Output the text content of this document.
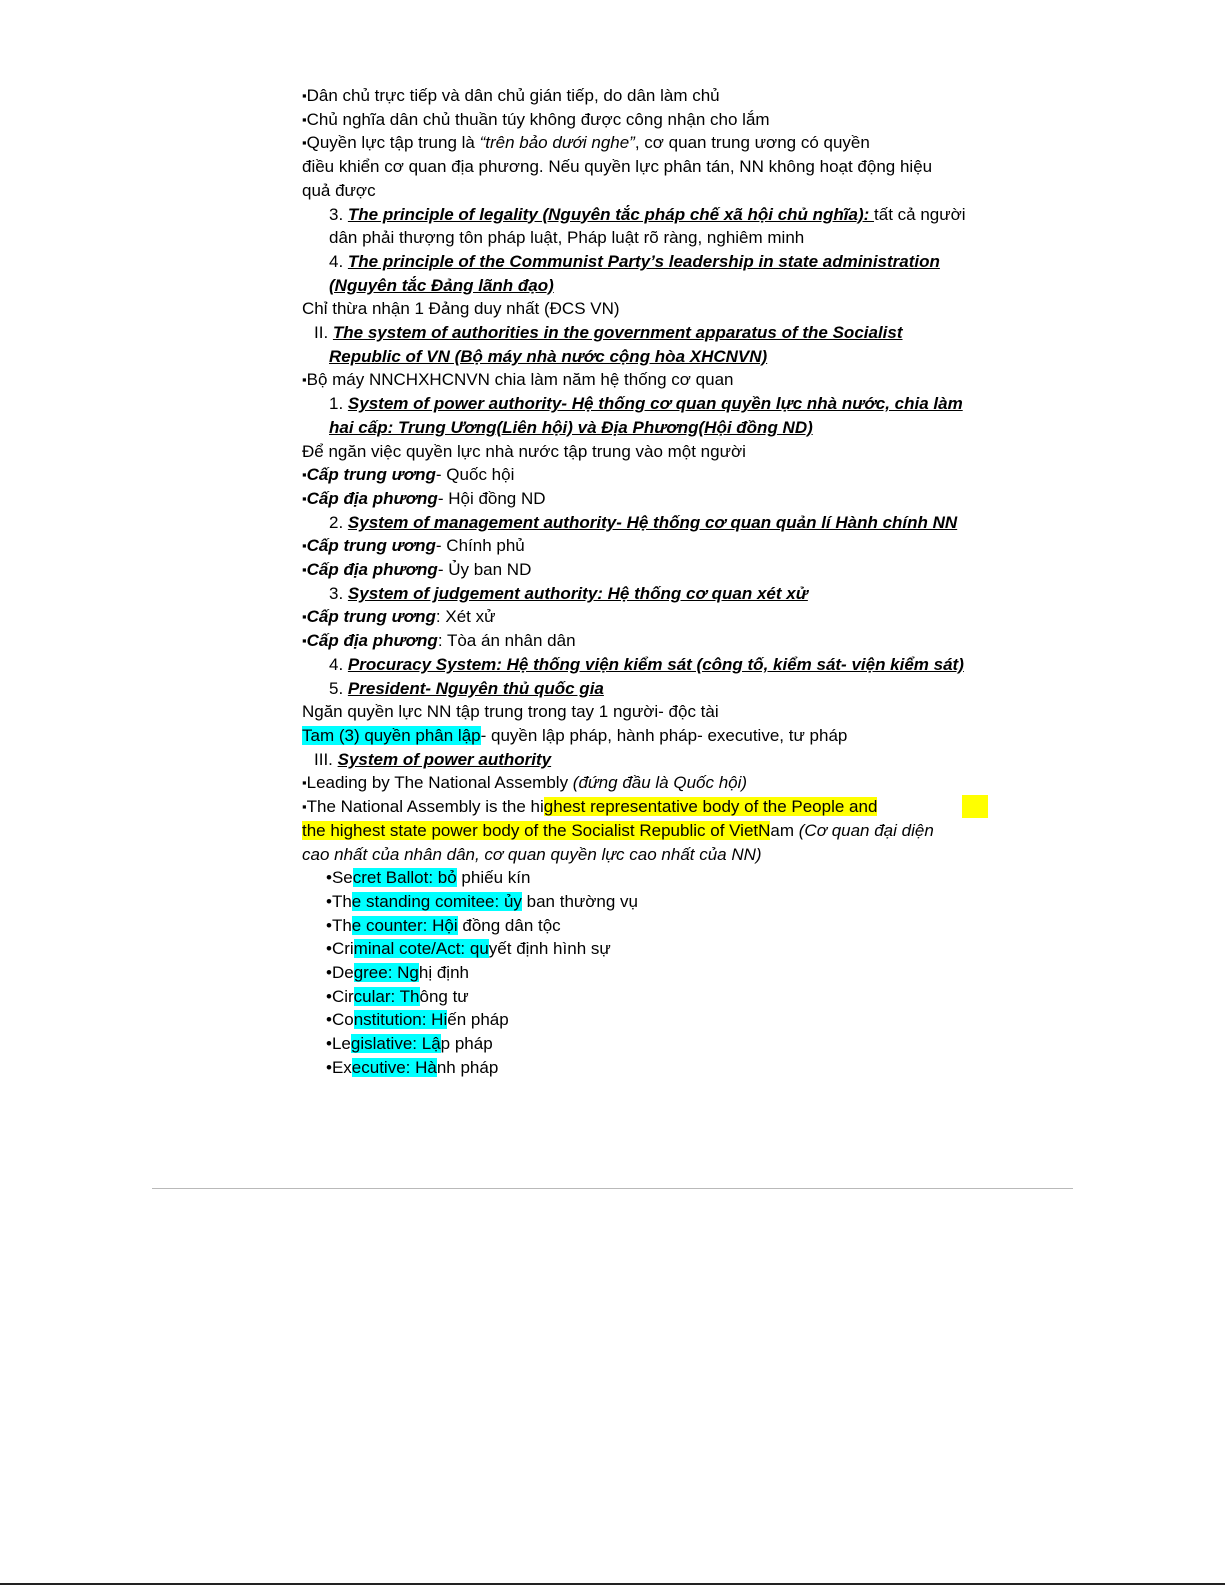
▪Dân chủ trực tiếp và dân chủ gián tiếp, do dân làm chủ
▪Chủ nghĩa dân chủ thuần túy không được công nhận cho lắm
▪Quyền lực tập trung là “trên bảo dưới nghe”, cơ quan trung ương có quyền
điều khiển cơ quan địa phương. Nếu quyền lực phân tán, NN không hoạt động hiệu
quả được
3. The principle of legality (Nguyên tắc pháp chế xã hội chủ nghĩa): tất cả người
dân phải thượng tôn pháp luật, Pháp luật rõ ràng, nghiêm minh
4. The principle of the Communist Party’s leadership in state administration
(Nguyên tắc Đảng lãnh đạo)
Chỉ thừa nhận 1 Đảng duy nhất (ĐCS VN)
II. The system of authorities in the government apparatus of the Socialist
Republic of VN (Bộ máy nhà nước cộng hòa XHCNVN)
▪Bộ máy NNCHXHCNVN chia làm năm hệ thống cơ quan
1. System of power authority- Hệ thống cơ quan quyền lực nhà nước, chia làm
hai cấp: Trung Ương(Liên hội) và Địa Phương(Hội đồng ND)
Để ngăn việc quyền lực nhà nước tập trung vào một người
▪Cấp trung ương- Quốc hội
▪Cấp địa phương- Hội đồng ND
2. System of management authority- Hệ thống cơ quan quản lí Hành chính NN
▪Cấp trung ương- Chính phủ
▪Cấp địa phương- Ủy ban ND
3. System of judgement authority: Hệ thống cơ quan xét xử
▪Cấp trung ương: Xét xử
▪Cấp địa phương: Tòa án nhân dân
4. Procuracy System: Hệ thống viện kiểm sát (công tố, kiểm sát- viện kiểm sát)
5. President- Nguyên thủ quốc gia
Ngăn quyền lực NN tập trung trong tay 1 người- độc tài
Tam (3) quyền phân lập- quyền lập pháp, hành pháp- executive, tư pháp
III. System of power authority
▪Leading by The National Assembly (đứng đầu là Quốc hội)
▪The National Assembly is the highest representative body of the People and
the highest state power body of the Socialist Republic of VietNam (Cơ quan đại diện
cao nhất của nhân dân, cơ quan quyền lực cao nhất của NN)
•Secret Ballot: bỏ phiếu kín
•The standing comitee: ủy ban thường vụ
•The counter: Hội đồng dân tộc
•Criminal cote/Act: quyết định hình sự
•Degree: Nghị định
•Circular: Thông tư
•Constitution: Hiến pháp
•Legislative: Lập pháp
•Executive: Hành pháp
